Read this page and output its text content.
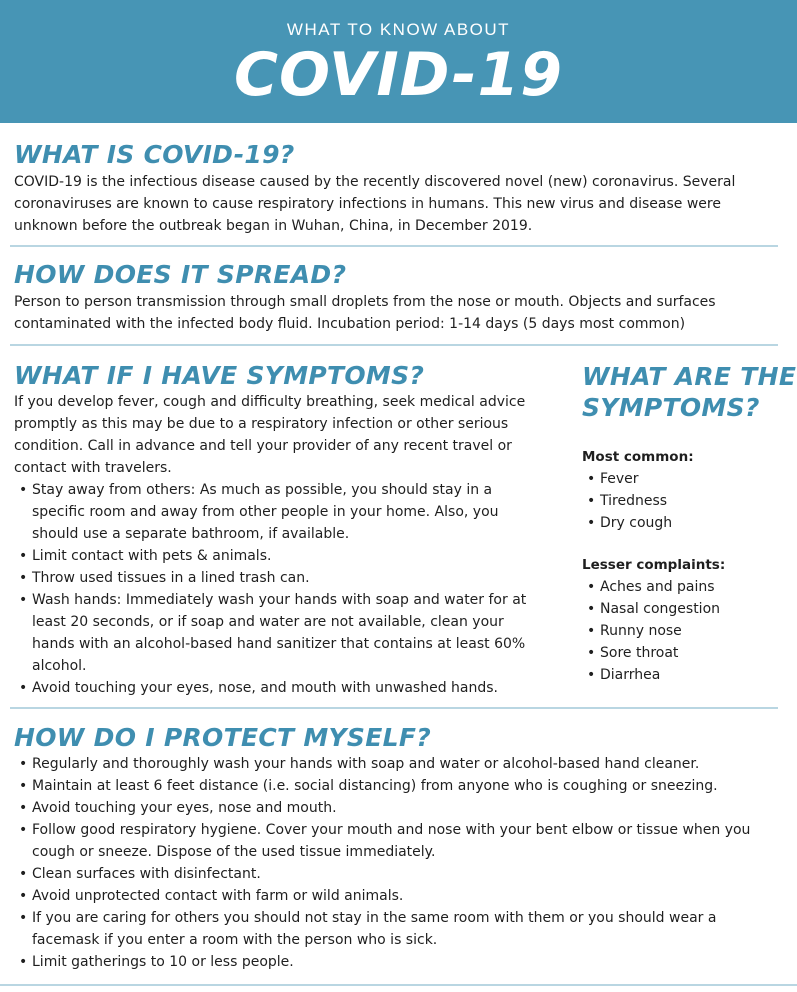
WHAT TO KNOW ABOUT
COVID-19
WHAT IS COVID-19?
COVID-19 is the infectious disease caused by the recently discovered novel (new) coronavirus. Several coronaviruses are known to cause respiratory infections in humans. This new virus and disease were unknown before the outbreak began in Wuhan, China, in December 2019.
HOW DOES IT SPREAD?
Person to person transmission through small droplets from the nose or mouth. Objects and surfaces contaminated with the infected body fluid. Incubation period: 1-14 days (5 days most common)
WHAT IF I HAVE SYMPTOMS?
If you develop fever, cough and difficulty breathing, seek medical advice promptly as this may be due to a respiratory infection or other serious condition. Call in advance and tell your provider of any recent travel or contact with travelers.
• Stay away from others: As much as possible, you should stay in a specific room and away from other people in your home. Also, you should use a separate bathroom, if available.
• Limit contact with pets & animals.
• Throw used tissues in a lined trash can.
• Wash hands: Immediately wash your hands with soap and water for at least 20 seconds, or if soap and water are not available, clean your hands with an alcohol-based hand sanitizer that contains at least 60% alcohol.
• Avoid touching your eyes, nose, and mouth with unwashed hands.
WHAT ARE THE
SYMPTOMS?
Most common:
• Fever
• Tiredness
• Dry cough
Lesser complaints:
• Aches and pains
• Nasal congestion
• Runny nose
• Sore throat
• Diarrhea
HOW DO I PROTECT MYSELF?
• Regularly and thoroughly wash your hands with soap and water or alcohol-based hand cleaner.
• Maintain at least 6 feet distance (i.e. social distancing) from anyone who is coughing or sneezing.
• Avoid touching your eyes, nose and mouth.
• Follow good respiratory hygiene. Cover your mouth and nose with your bent elbow or tissue when you cough or sneeze. Dispose of the used tissue immediately.
• Clean surfaces with disinfectant.
• Avoid unprotected contact with farm or wild animals.
• If you are caring for others you should not stay in the same room with them or you should wear a facemask if you enter a room with the person who is sick.
• Limit gatherings to 10 or less people.
